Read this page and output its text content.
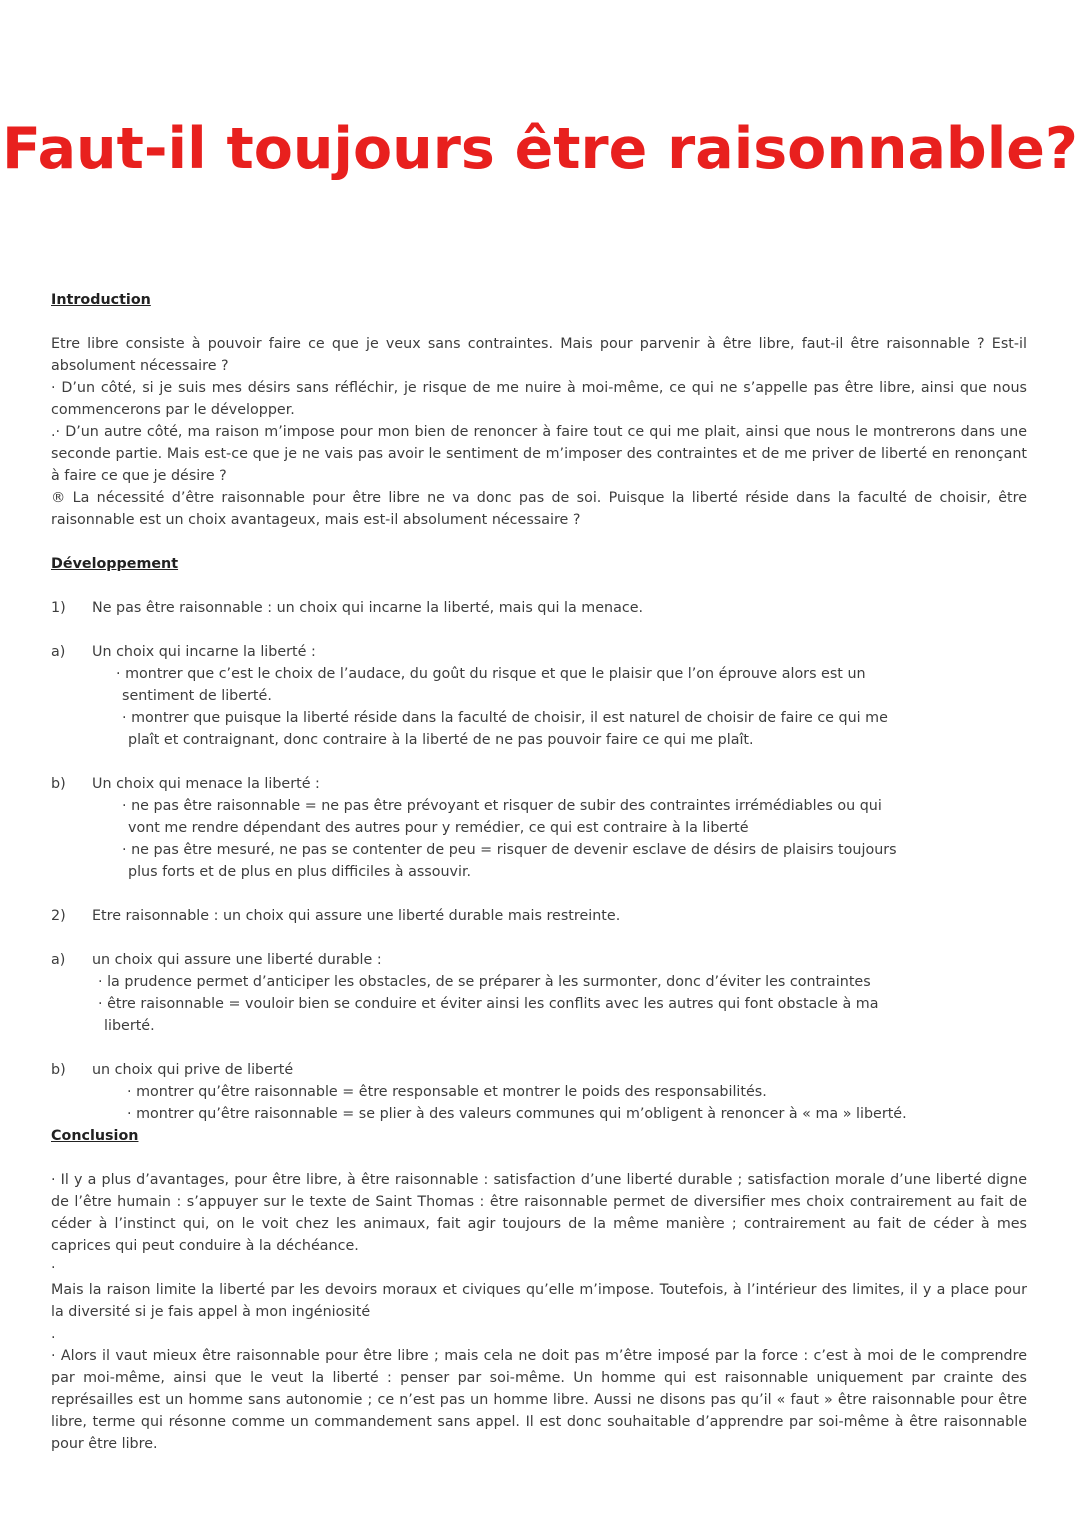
Faut-il toujours être raisonnable?
Introduction

Etre libre consiste à pouvoir faire ce que je veux sans contraintes. Mais pour parvenir à être libre, faut-il être raisonnable ? Est-il absolument nécessaire ?

· D’un côté, si je suis mes désirs sans réfléchir, je risque de me nuire à moi-même, ce qui ne s’appelle pas être libre, ainsi que nous commencerons par le développer.

.· D’un autre côté, ma raison m’impose pour mon bien de renoncer à faire tout ce qui me plait, ainsi que nous le montrerons dans une seconde partie. Mais est-ce que je ne vais pas avoir le sentiment de m’imposer des contraintes et de me priver de liberté en renonçant à faire ce que je désire ?

® La nécessité d’être raisonnable pour être libre ne va donc pas de soi. Puisque la liberté réside dans la faculté de choisir, être raisonnable est un choix avantageux, mais est-il absolument nécessaire ?

Développement
1)	Ne pas être raisonnable : un choix qui incarne la liberté, mais qui la menace.
a)	Un choix qui incarne la liberté :

· montrer que c’est le choix de l’audace, du goût du risque et que le plaisir que l’on éprouve alors est un sentiment de liberté.

· montrer que puisque la liberté réside dans la faculté de choisir, il est naturel de choisir de faire ce qui me plaît et contraignant, donc contraire à la liberté de ne pas pouvoir faire ce qui me plaît.

b)	Un choix qui menace la liberté :

· ne pas être raisonnable = ne pas être prévoyant et risquer de subir des contraintes irrémédiables ou qui vont me rendre dépendant des autres pour y remédier, ce qui est contraire à la liberté

· ne pas être mesuré, ne pas se contenter de peu = risquer de devenir esclave de désirs de plaisirs toujours plus forts et de plus en plus difficiles à assouvir.

2)	Etre raisonnable : un choix qui assure une liberté durable mais restreinte.
a)	un choix qui assure une liberté durable :

· la prudence permet d’anticiper les obstacles, de se préparer à les surmonter, donc d’éviter les contraintes

· être raisonnable = vouloir bien se conduire et éviter ainsi les conflits avec les autres qui font obstacle à ma liberté.

b)	un choix qui prive de liberté

· montrer qu’être raisonnable = être responsable et montrer le poids des responsabilités.

· montrer qu’être raisonnable = se plier à des valeurs communes qui m’obligent à renoncer à « ma » liberté.

Conclusion

· Il y a plus d’avantages, pour être libre, à être raisonnable : satisfaction d’une liberté durable ; satisfaction morale d’une liberté digne de l’être humain : s’appuyer sur le texte de Saint Thomas : être raisonnable permet de diversifier mes choix contrairement au fait de céder à l’instinct qui, on le voit chez les animaux, fait agir toujours de la même manière ; contrairement au fait de céder à mes caprices qui peut conduire à la déchéance.

·

Mais la raison limite la liberté par les devoirs moraux et civiques qu’elle m’impose. Toutefois, à l’intérieur des limites, il y a place pour la diversité si je fais appel à mon ingéniosité

.

· Alors il vaut mieux être raisonnable pour être libre ; mais cela ne doit pas m’être imposé par la force : c’est à moi de le comprendre par moi-même, ainsi que le veut la liberté : penser par soi-même. Un homme qui est raisonnable uniquement par crainte des représailles est un homme sans autonomie ; ce n’est pas un homme libre. Aussi ne disons pas qu’il « faut » être raisonnable pour être libre, terme qui résonne comme un commandement sans appel. Il est donc souhaitable d’apprendre par soi-même à être raisonnable pour être libre.
